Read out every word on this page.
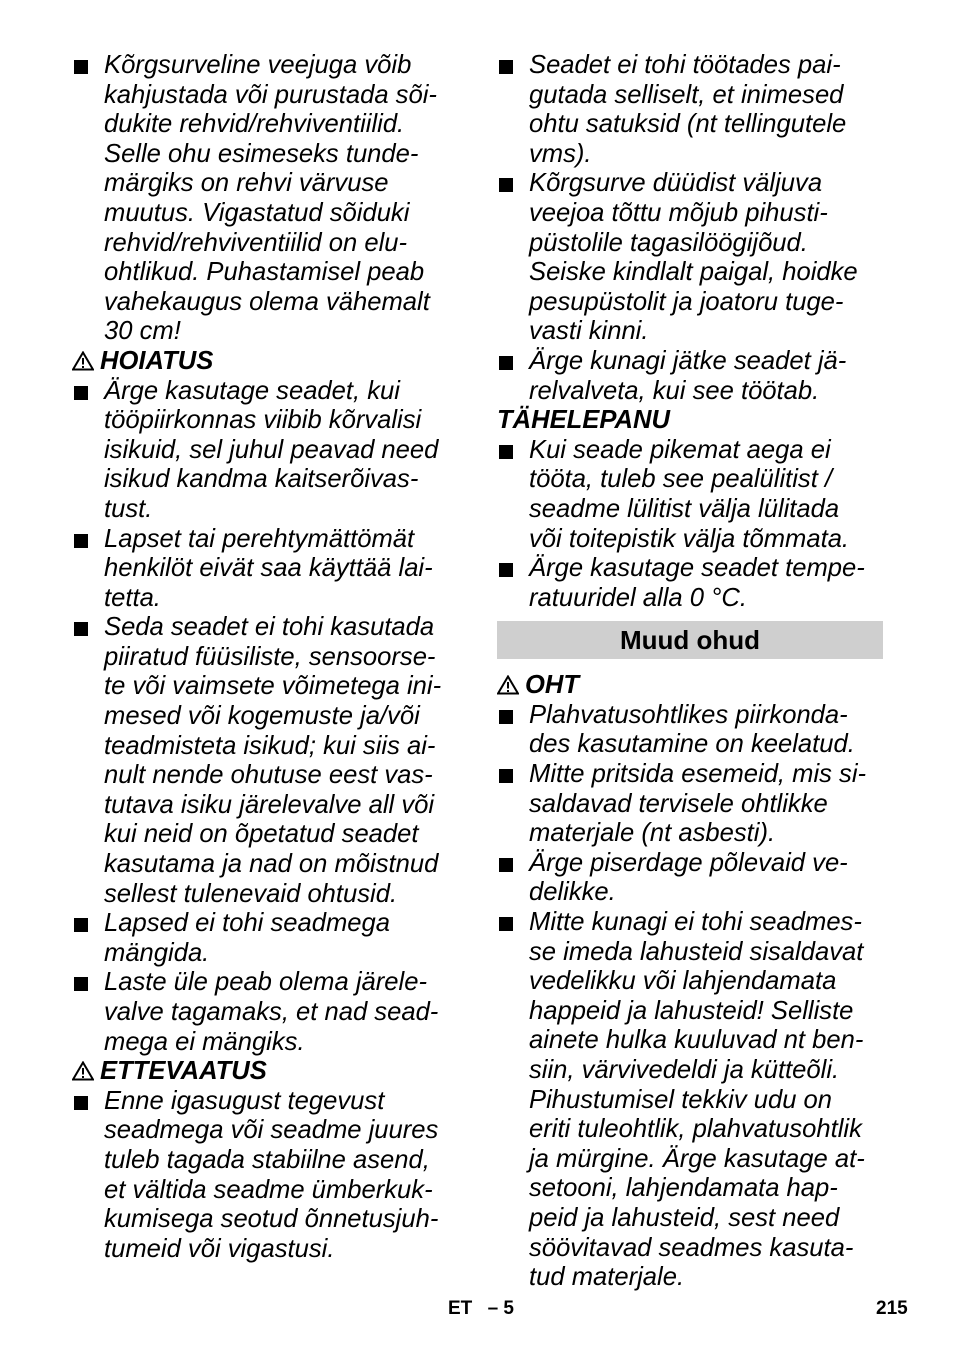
Kõrgsurveline veejuga võib
kahjustada või purustada sõi-
dukite rehvid/rehviventiilid.
Selle ohu esimeseks tunde-
märgiks on rehvi värvuse
muutus. Vigastatud sõiduki
rehvid/rehviventiilid on elu-
ohtlikud. Puhastamisel peab
vahekaugus olema vähemalt
30 cm!
HOIATUS
Ärge kasutage seadet, kui
tööpiirkonnas viibib kõrvalisi
isikuid, sel juhul peavad need
isikud kandma kaitserõivas-
tust.
Lapset tai perehtymättömät
henkilöt eivät saa käyttää lai-
tetta.
Seda seadet ei tohi kasutada
piiratud füüsiliste, sensoorse-
te või vaimsete võimetega ini-
mesed või kogemuste ja/või
teadmisteta isikud; kui siis ai-
nult nende ohutuse eest vas-
tutava isiku järelevalve all või
kui neid on õpetatud seadet
kasutama ja nad on mõistnud
sellest tulenevaid ohtusid.
Lapsed ei tohi seadmega
mängida.
Laste üle peab olema järele-
valve tagamaks, et nad sead-
mega ei mängiks.
ETTEVAATUS
Enne igasugust tegevust
seadmega või seadme juures
tuleb tagada stabiilne asend,
et vältida seadme ümberkuk-
kumisega seotud õnnetusjuh-
tumeid või vigastusi.
Seadet ei tohi töötades pai-
gutada selliselt, et inimesed
ohtu satuksid (nt tellingutele
vms).
Kõrgsurve düüdist väljuva
veejoa tõttu mõjub pihusti-
püstolile tagasilöögijõud.
Seiske kindlalt paigal, hoidke
pesupüstolit ja joatoru tuge-
vasti kinni.
Ärge kunagi jätke seadet jä-
relvalveta, kui see töötab.
TÄHELEPANU
Kui seade pikemat aega ei
tööta, tuleb see pealülitist /
seadme lülitist välja lülitada
või toitepistik välja tõmmata.
Ärge kasutage seadet tempe-
ratuuridel alla 0 °C.
Muud ohud
OHT
Plahvatusohtlikes piirkonda-
des kasutamine on keelatud.
Mitte pritsida esemeid, mis si-
saldavad tervisele ohtlikke
materjale (nt asbesti).
Ärge piserdage põlevaid ve-
delikke.
Mitte kunagi ei tohi seadmes-
se imeda lahusteid sisaldavat
vedelikku või lahjendamata
happeid ja lahusteid! Selliste
ainete hulka kuuluvad nt ben-
siin, värvivedeldi ja kütteõli.
Pihustumisel tekkiv udu on
eriti tuleohtlik, plahvatusohtlik
ja mürgine. Ärge kasutage at-
setooni, lahjendamata hap-
peid ja lahusteid, sest need
söövitavad seadmes kasuta-
tud materjale.
ET – 5	215
